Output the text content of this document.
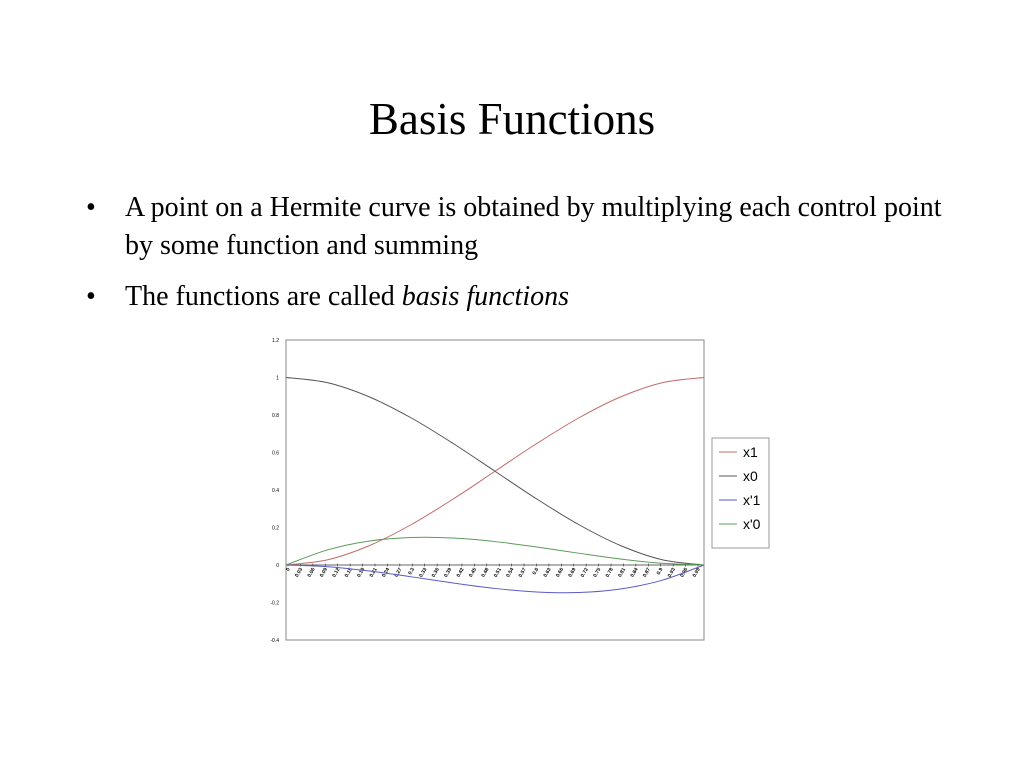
Basis Functions
• A point on a Hermite curve is obtained by multiplying each control point by some function and summing
• The functions are called basis functions
1.2
1
0.8
0.6
0.4
0.2
0
-0.2
-0.4
0 0.03 0.06 0.09 0.12 0.15 0.18 0.21 0.24 0.27 0.3 0.33 0.36 0.39 0.42 0.45 0.48 0.51 0.54 0.57 0.6 0.63 0.66 0.69 0.72 0.75 0.78 0.81 0.84 0.87 0.9 0.93 0.96 0.99
x1
x0
x'1
x'0
